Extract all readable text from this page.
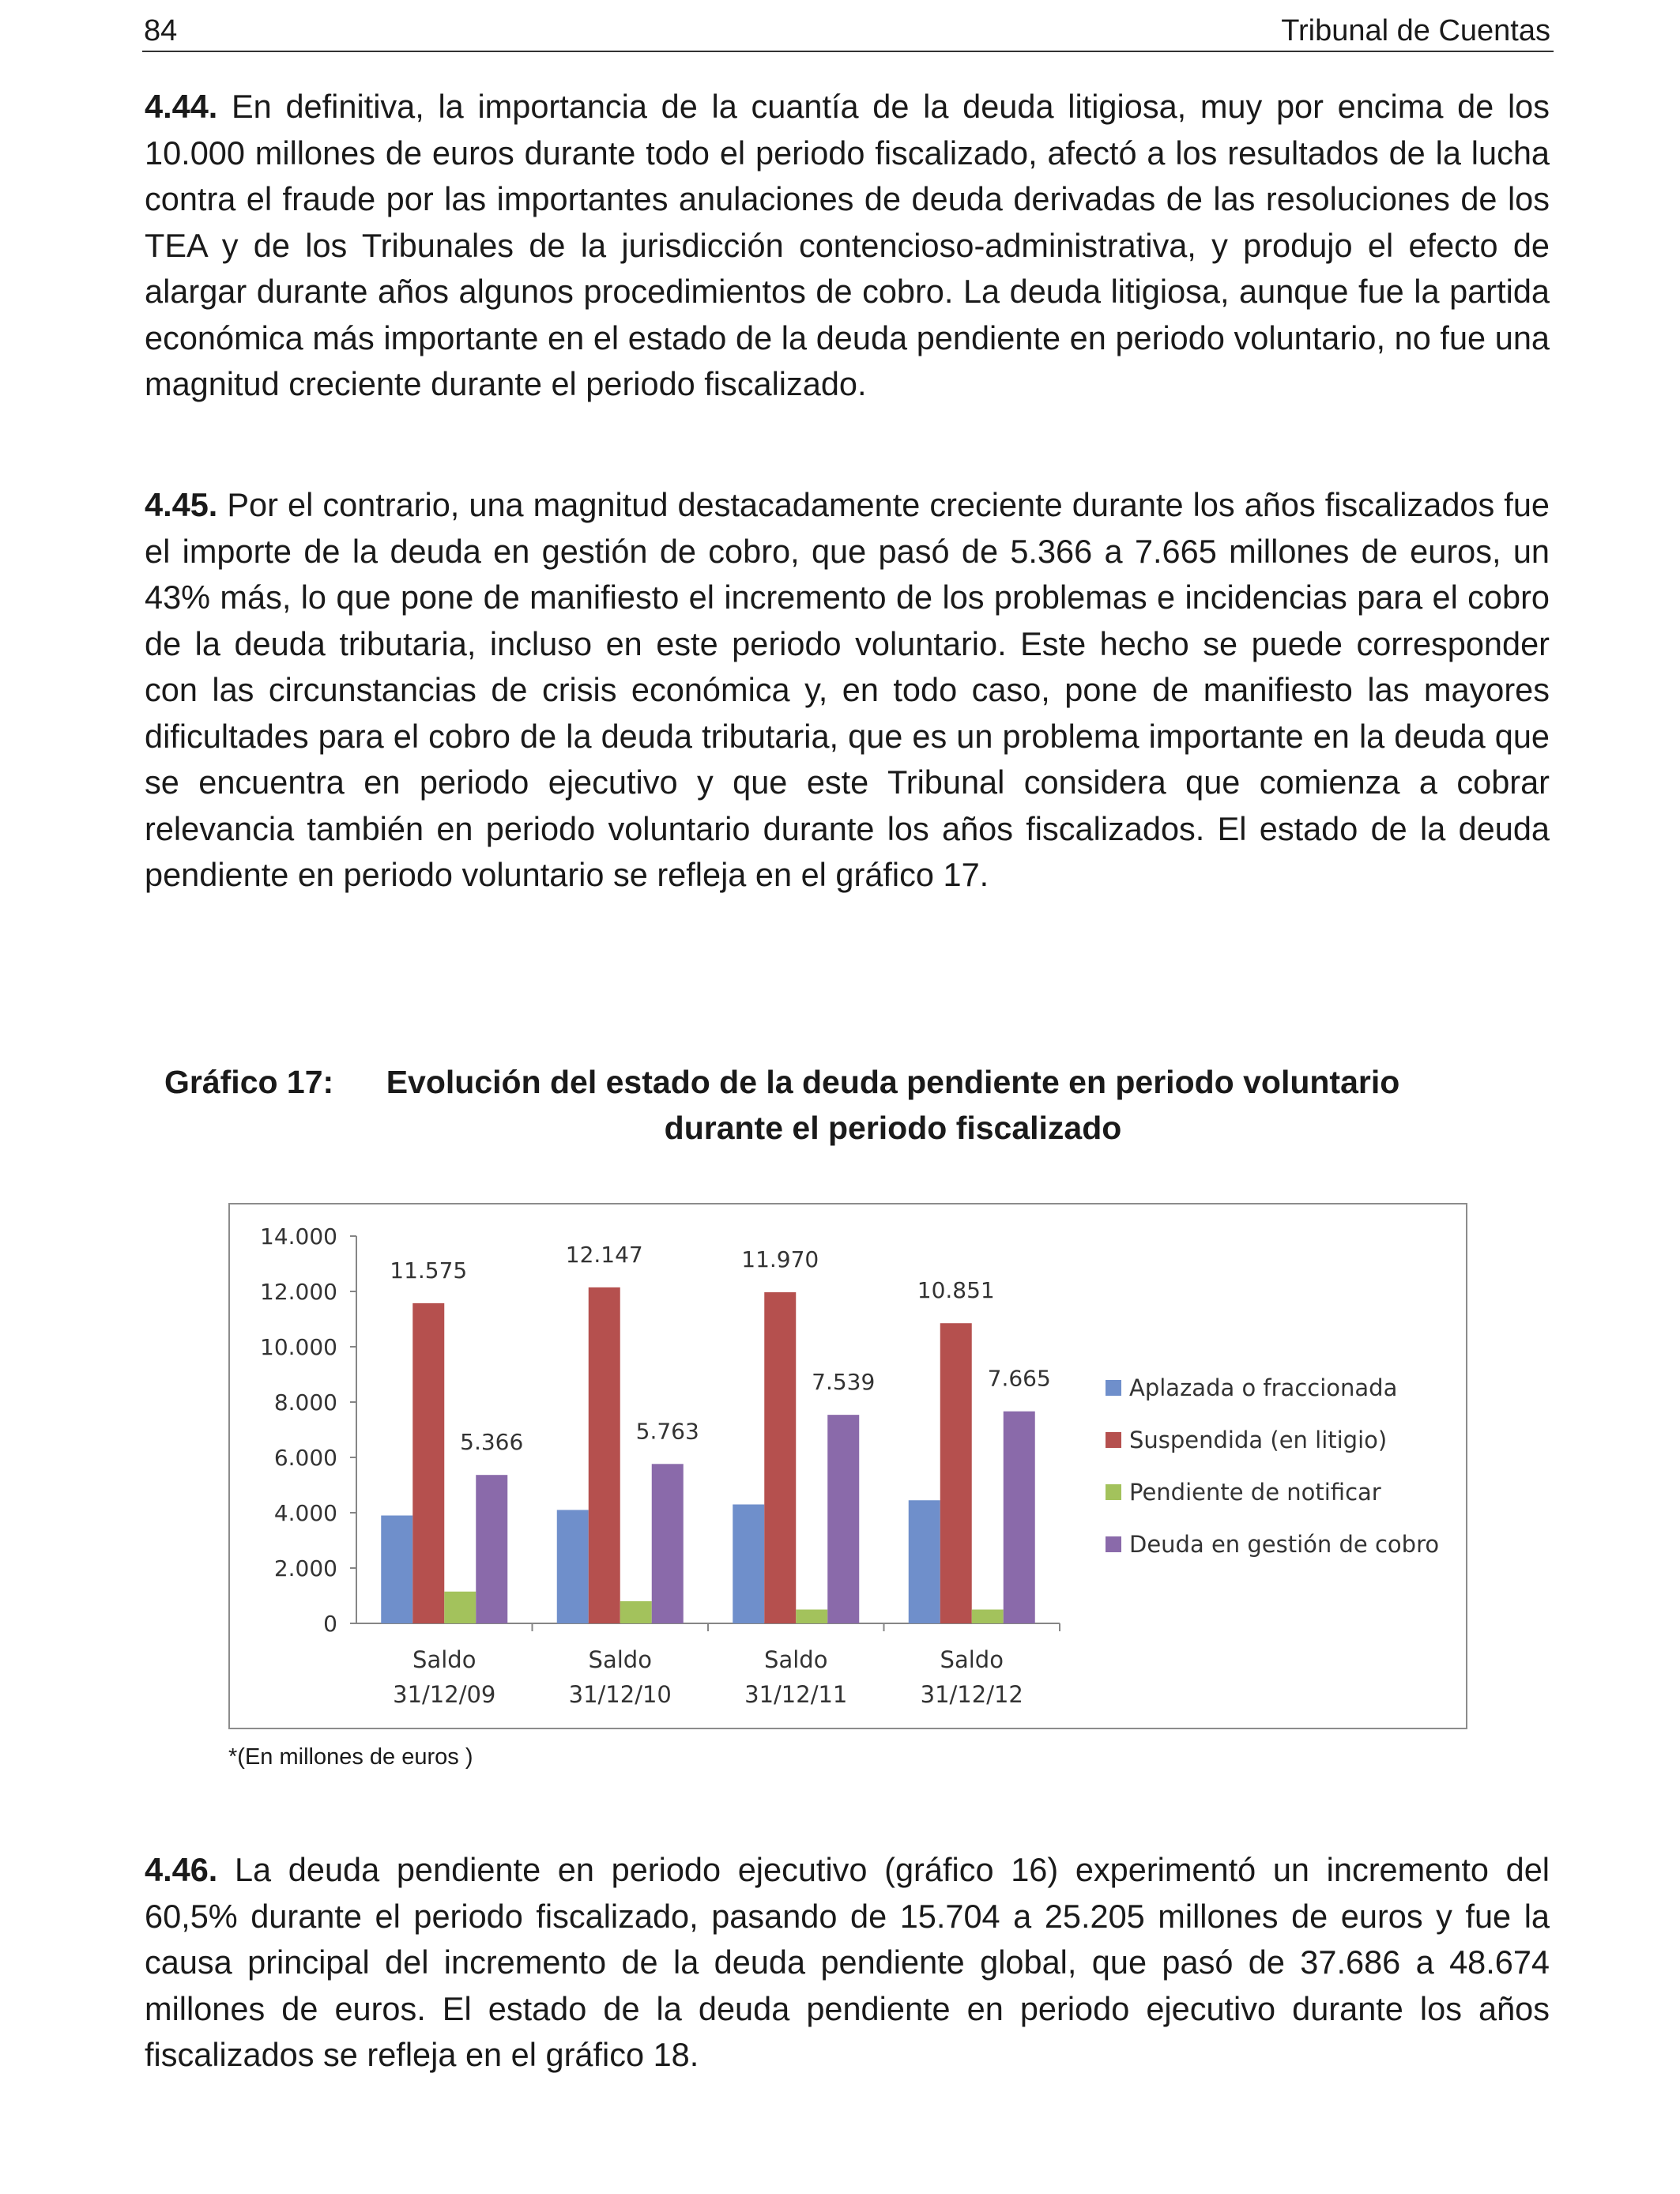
84	Tribunal de Cuentas

4.44. En definitiva, la importancia de la cuantía de la deuda litigiosa, muy por encima de los 10.000 millones de euros durante todo el periodo fiscalizado, afectó a los resultados de la lucha contra el fraude por las importantes anulaciones de deuda derivadas de las resoluciones de los TEA y de los Tribunales de la jurisdicción contencioso-administrativa, y produjo el efecto de alargar durante años algunos procedimientos de cobro. La deuda litigiosa, aunque fue la partida económica más importante en el estado de la deuda pendiente en periodo voluntario, no fue una magnitud creciente durante el periodo fiscalizado.

4.45. Por el contrario, una magnitud destacadamente creciente durante los años fiscalizados fue el importe de la deuda en gestión de cobro, que pasó de 5.366 a 7.665 millones de euros, un 43% más, lo que pone de manifiesto el incremento de los problemas e incidencias para el cobro de la deuda tributaria, incluso en este periodo voluntario. Este hecho se puede corresponder con las circunstancias de crisis económica y, en todo caso, pone de manifiesto las mayores dificultades para el cobro de la deuda tributaria, que es un problema importante en la deuda que se encuentra en periodo ejecutivo y que este Tribunal considera que comienza a cobrar relevancia también en periodo voluntario durante los años fiscalizados. El estado de la deuda pendiente en periodo voluntario se refleja en el gráfico 17.

Gráfico 17:	Evolución del estado de la deuda pendiente en periodo voluntario durante el periodo fiscalizado
0
2.000
4.000
6.000
8.000
10.000
12.000
14.000
11.575
5.366
Saldo
31/12/09
12.147
5.763
Saldo
31/12/10
11.970
7.539
Saldo
31/12/11
10.851
7.665
Saldo
31/12/12
Aplazada o fraccionada
Suspendida (en litigio)
Pendiente de notificar
Deuda en gestión de cobro
*(En millones de euros )

4.46. La deuda pendiente en periodo ejecutivo (gráfico 16) experimentó un incremento del 60,5% durante el periodo fiscalizado, pasando de 15.704 a 25.205 millones de euros y fue la causa principal del incremento de la deuda pendiente global, que pasó de 37.686 a 48.674 millones de euros. El estado de la deuda pendiente en periodo ejecutivo durante los años fiscalizados se refleja en el gráfico 18.
